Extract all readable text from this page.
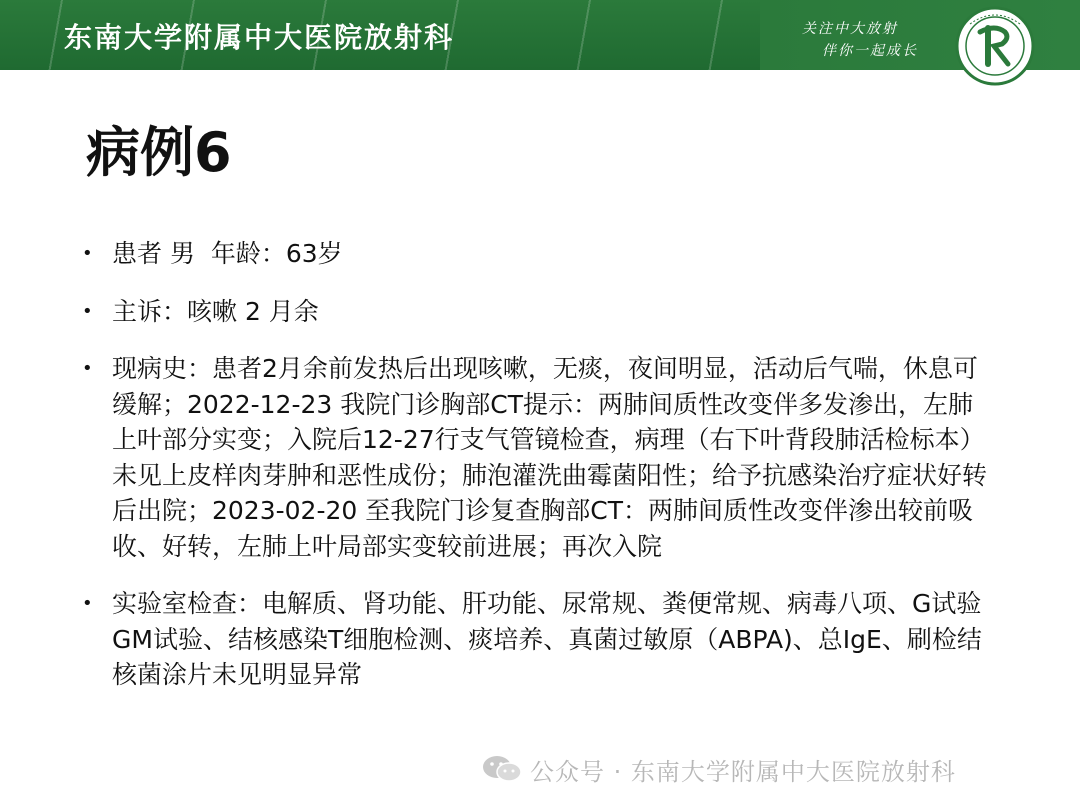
东南大学附属中大医院放射科	关注中大放射
伴你一起成长
病例6
• 患者 男  年龄：63岁
• 主诉：咳嗽 2 月余
• 现病史：患者2月余前发热后出现咳嗽，无痰，夜间明显，活动后气喘，休息可缓解；2022-12-23 我院门诊胸部CT提示：两肺间质性改变伴多发渗出，左肺上叶部分实变；入院后12-27行支气管镜检查，病理（右下叶背段肺活检标本）未见上皮样肉芽肿和恶性成份；肺泡灌洗曲霉菌阳性；给予抗感染治疗症状好转后出院；2023-02-20 至我院门诊复查胸部CT：两肺间质性改变伴渗出较前吸收、好转，左肺上叶局部实变较前进展；再次入院
• 实验室检查：电解质、肾功能、肝功能、尿常规、粪便常规、病毒八项、G试验GM试验、结核感染T细胞检测、痰培养、真菌过敏原（ABPA)、总IgE、刷检结核菌涂片未见明显异常
公众号 · 东南大学附属中大医院放射科
